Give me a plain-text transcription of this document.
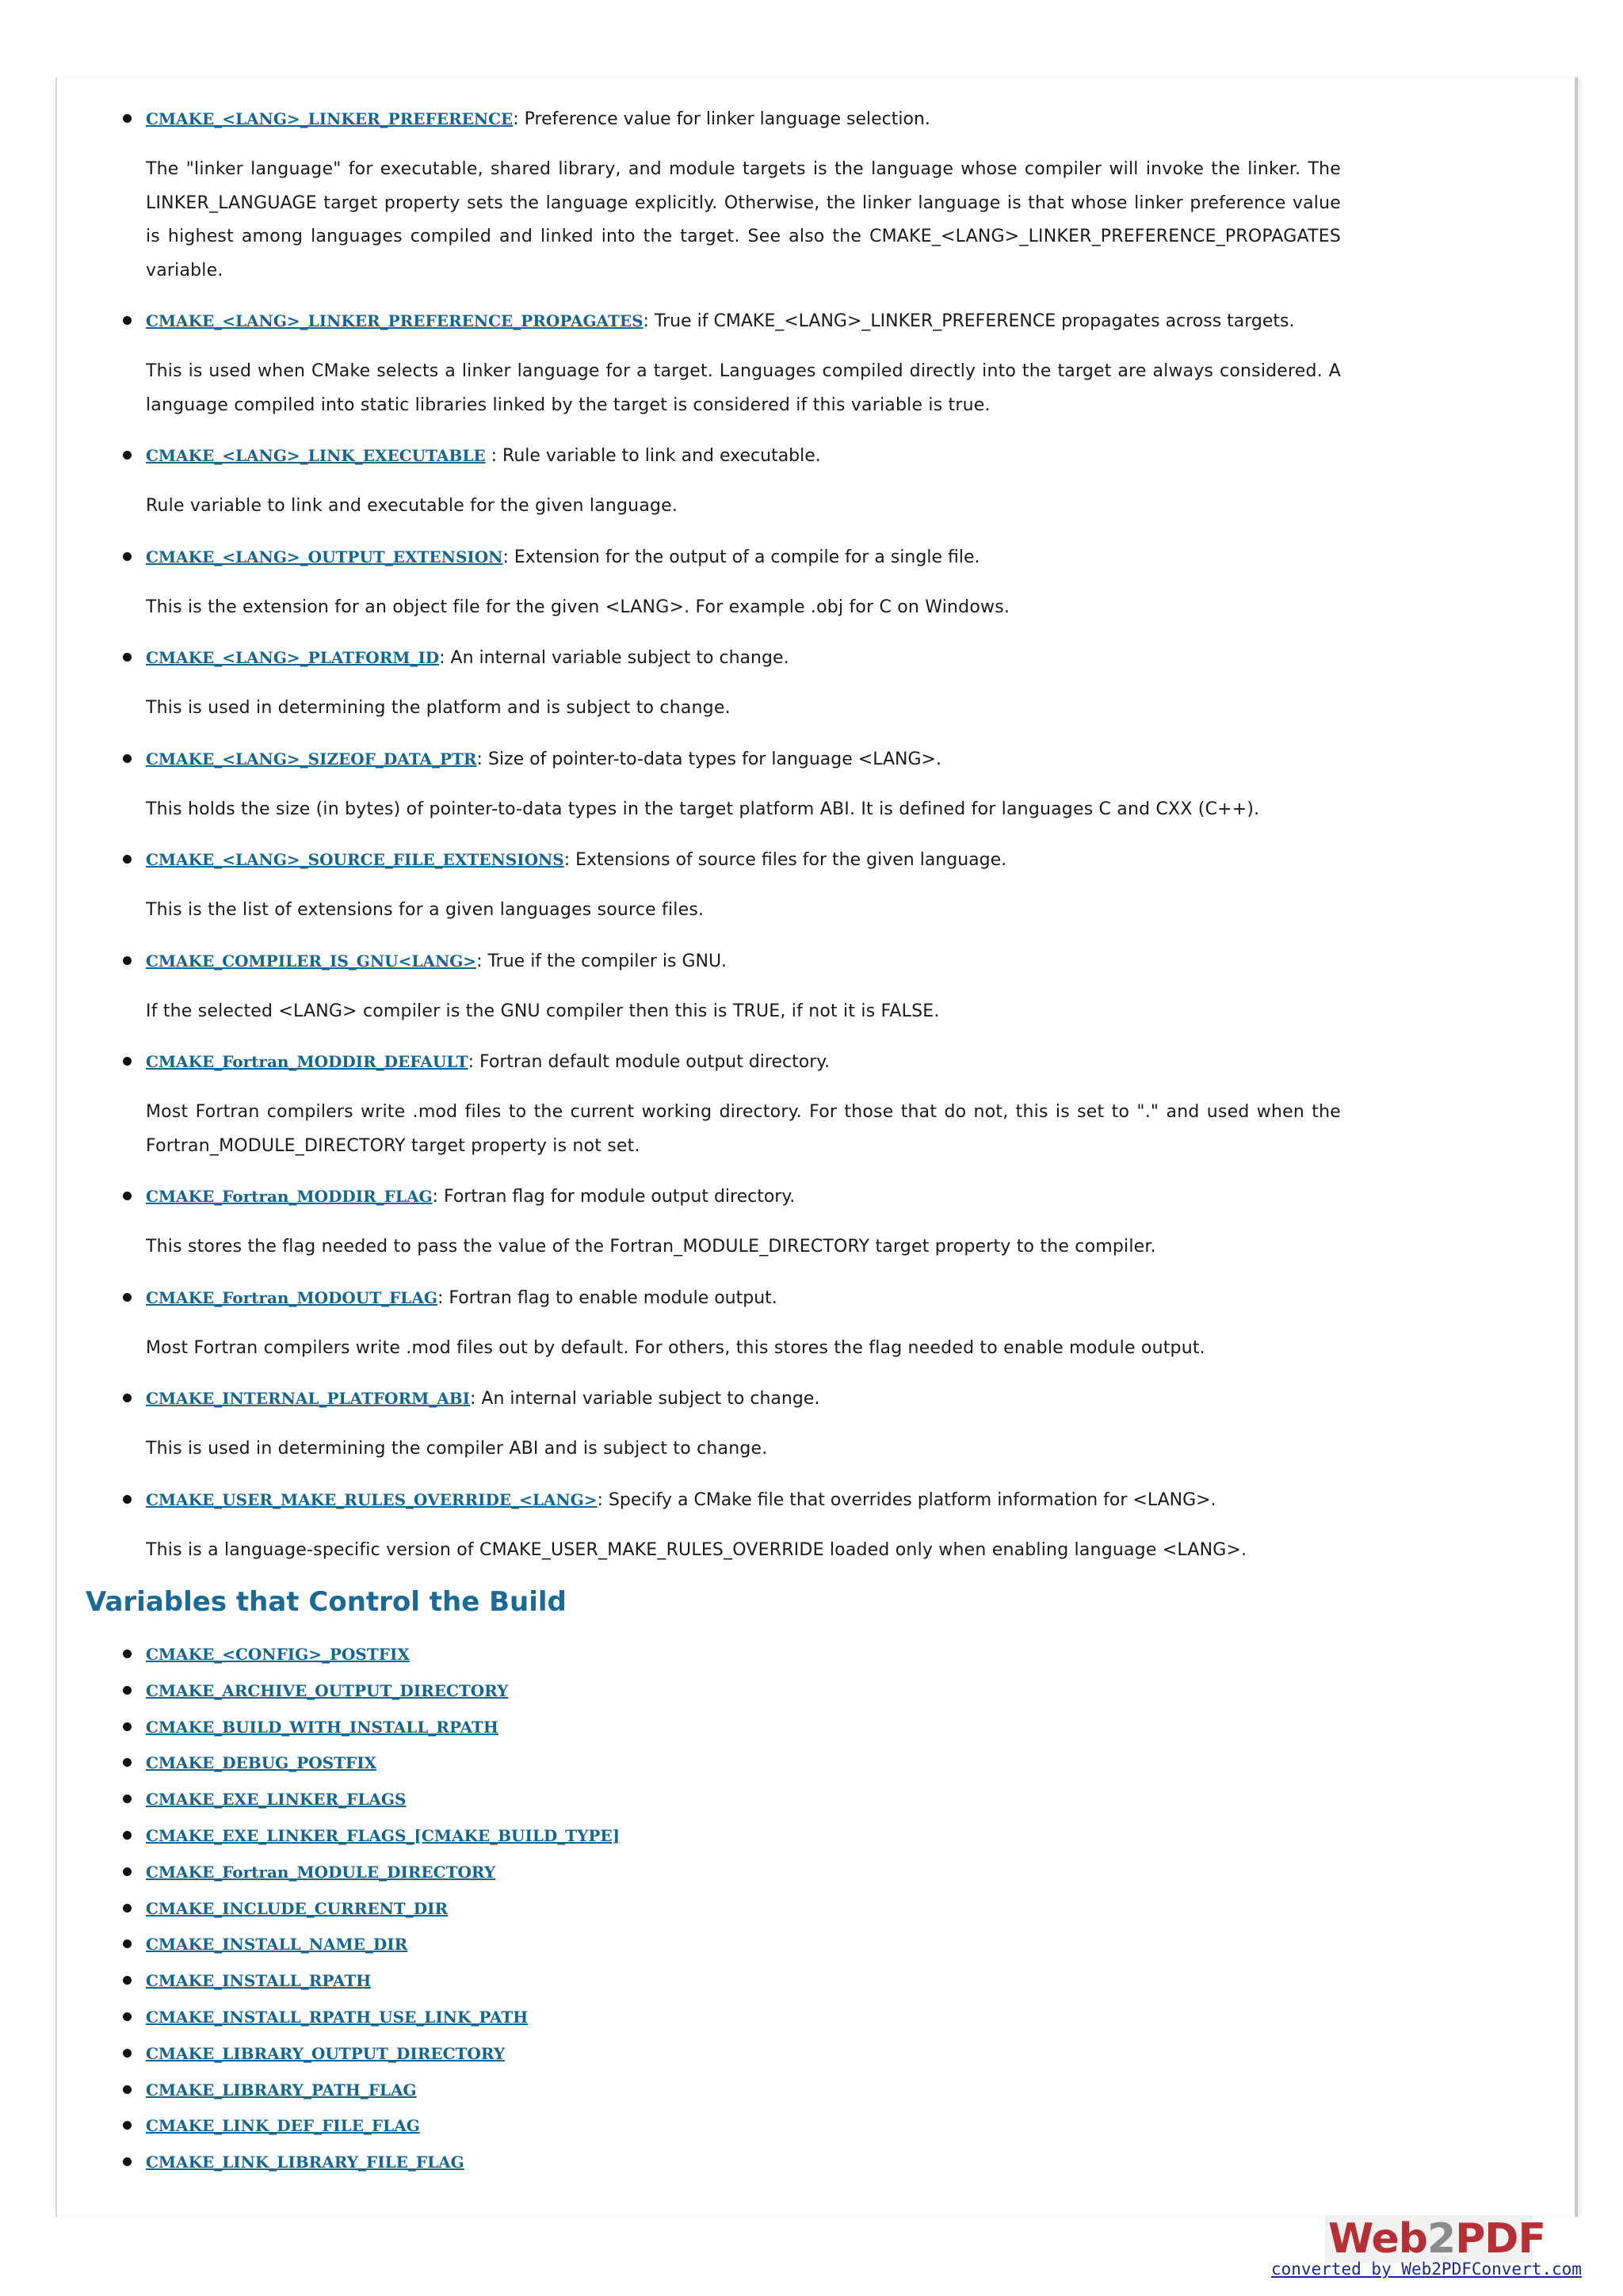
CMAKE_<LANG>_LINKER_PREFERENCE: Preference value for linker language selection.

The "linker language" for executable, shared library, and module targets is the language whose compiler will invoke the linker. The LINKER_LANGUAGE target property sets the language explicitly. Otherwise, the linker language is that whose linker preference value is highest among languages compiled and linked into the target. See also the CMAKE_<LANG>_LINKER_PREFERENCE_PROPAGATES variable.

CMAKE_<LANG>_LINKER_PREFERENCE_PROPAGATES: True if CMAKE_<LANG>_LINKER_PREFERENCE propagates across targets.

This is used when CMake selects a linker language for a target. Languages compiled directly into the target are always considered. A language compiled into static libraries linked by the target is considered if this variable is true.

CMAKE_<LANG>_LINK_EXECUTABLE : Rule variable to link and executable.

Rule variable to link and executable for the given language.

CMAKE_<LANG>_OUTPUT_EXTENSION: Extension for the output of a compile for a single file.

This is the extension for an object file for the given <LANG>. For example .obj for C on Windows.

CMAKE_<LANG>_PLATFORM_ID: An internal variable subject to change.

This is used in determining the platform and is subject to change.

CMAKE_<LANG>_SIZEOF_DATA_PTR: Size of pointer-to-data types for language <LANG>.

This holds the size (in bytes) of pointer-to-data types in the target platform ABI. It is defined for languages C and CXX (C++).

CMAKE_<LANG>_SOURCE_FILE_EXTENSIONS: Extensions of source files for the given language.

This is the list of extensions for a given languages source files.

CMAKE_COMPILER_IS_GNU<LANG>: True if the compiler is GNU.

If the selected <LANG> compiler is the GNU compiler then this is TRUE, if not it is FALSE.

CMAKE_Fortran_MODDIR_DEFAULT: Fortran default module output directory.

Most Fortran compilers write .mod files to the current working directory. For those that do not, this is set to "." and used when the Fortran_MODULE_DIRECTORY target property is not set.

CMAKE_Fortran_MODDIR_FLAG: Fortran flag for module output directory.

This stores the flag needed to pass the value of the Fortran_MODULE_DIRECTORY target property to the compiler.

CMAKE_Fortran_MODOUT_FLAG: Fortran flag to enable module output.

Most Fortran compilers write .mod files out by default. For others, this stores the flag needed to enable module output.

CMAKE_INTERNAL_PLATFORM_ABI: An internal variable subject to change.

This is used in determining the compiler ABI and is subject to change.

CMAKE_USER_MAKE_RULES_OVERRIDE_<LANG>: Specify a CMake file that overrides platform information for <LANG>.

This is a language-specific version of CMAKE_USER_MAKE_RULES_OVERRIDE loaded only when enabling language <LANG>.

Variables that Control the Build
CMAKE_<CONFIG>_POSTFIX
CMAKE_ARCHIVE_OUTPUT_DIRECTORY
CMAKE_BUILD_WITH_INSTALL_RPATH
CMAKE_DEBUG_POSTFIX
CMAKE_EXE_LINKER_FLAGS
CMAKE_EXE_LINKER_FLAGS_[CMAKE_BUILD_TYPE]
CMAKE_Fortran_MODULE_DIRECTORY
CMAKE_INCLUDE_CURRENT_DIR
CMAKE_INSTALL_NAME_DIR
CMAKE_INSTALL_RPATH
CMAKE_INSTALL_RPATH_USE_LINK_PATH
CMAKE_LIBRARY_OUTPUT_DIRECTORY
CMAKE_LIBRARY_PATH_FLAG
CMAKE_LINK_DEF_FILE_FLAG
CMAKE_LINK_LIBRARY_FILE_FLAG
Web2PDF
converted by Web2PDFConvert.com
